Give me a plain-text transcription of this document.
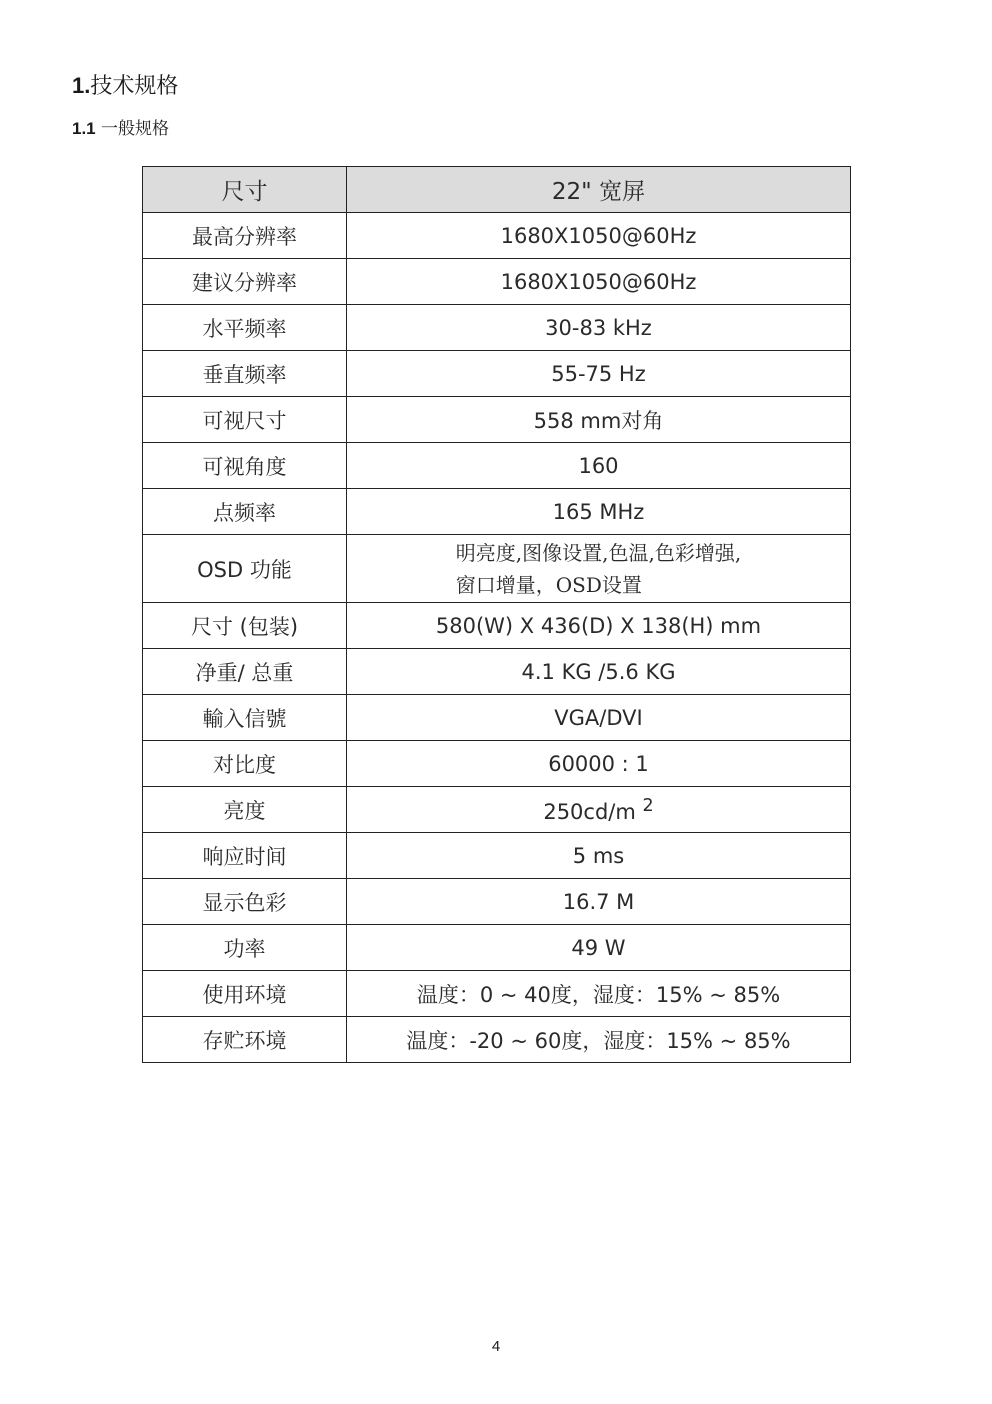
1.技术规格
1.1 一般规格
尺寸	22" 宽屏
最高分辨率	1680X1050@60Hz
建议分辨率	1680X1050@60Hz
水平频率	30-83 kHz
垂直频率	55-75 Hz
可视尺寸	558 mm对角
可视角度	160
点频率	165 MHz
OSD 功能	明亮度,图像设置,色温,色彩增强,
窗口增量，OSD设置

尺寸 (包装)	580(W) X 436(D) X 138(H) mm
净重/ 总重	4.1 KG /5.6 KG
輸入信號	VGA/DVI
对比度	60000 : 1
亮度	250cd/m $^2$
响应时间	5 ms
显示色彩	16.7 M
功率	49 W
使用环境	温度：0 ~ 40度，湿度：15% ~ 85%
存贮环境	温度：-20 ~ 60度，湿度：15% ~ 85%
4
